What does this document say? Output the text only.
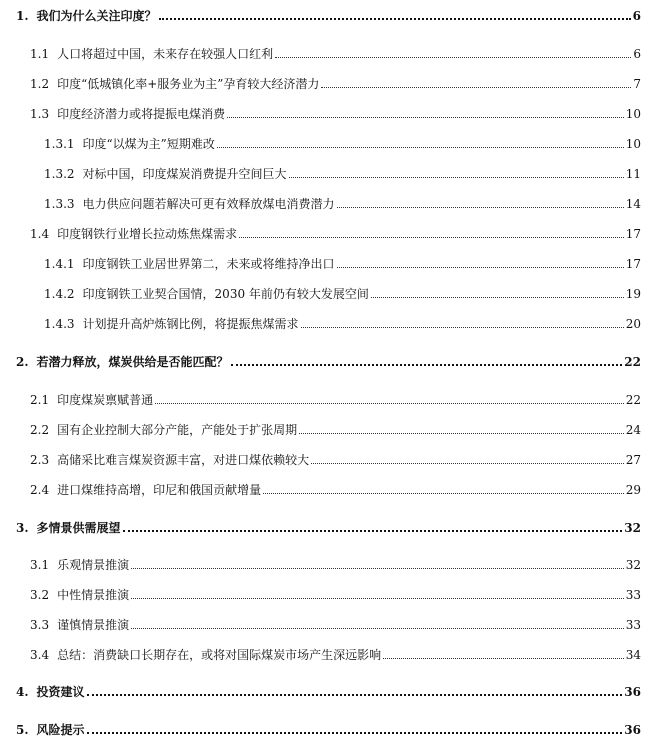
1. 我们为什么关注印度？	6
1.1 人口将超过中国，未来存在较强人口红利	6
1.2 印度“低城镇化率+服务业为主”孕育较大经济潜力	7
1.3 印度经济潜力或将提振电煤消费	10
1.3.1 印度“以煤为主”短期难改	10
1.3.2 对标中国，印度煤炭消费提升空间巨大	11
1.3.3 电力供应问题若解决可更有效释放煤电消费潜力	14
1.4 印度钢铁行业增长拉动炼焦煤需求	17
1.4.1 印度钢铁工业居世界第二，未来或将维持净出口	17
1.4.2 印度钢铁工业契合国情，2030 年前仍有较大发展空间	19
1.4.3 计划提升高炉炼钢比例，将提振焦煤需求	20
2. 若潜力释放，煤炭供给是否能匹配？	22
2.1 印度煤炭禀赋普通	22
2.2 国有企业控制大部分产能，产能处于扩张周期	24
2.3 高储采比难言煤炭资源丰富，对进口煤依赖较大	27
2.4 进口煤维持高增，印尼和俄国贡献增量	29
3. 多情景供需展望	32
3.1 乐观情景推演	32
3.2 中性情景推演	33
3.3 谨慎情景推演	33
3.4 总结：消费缺口长期存在，或将对国际煤炭市场产生深远影响	34
4. 投资建议	36
5. 风险提示	36
